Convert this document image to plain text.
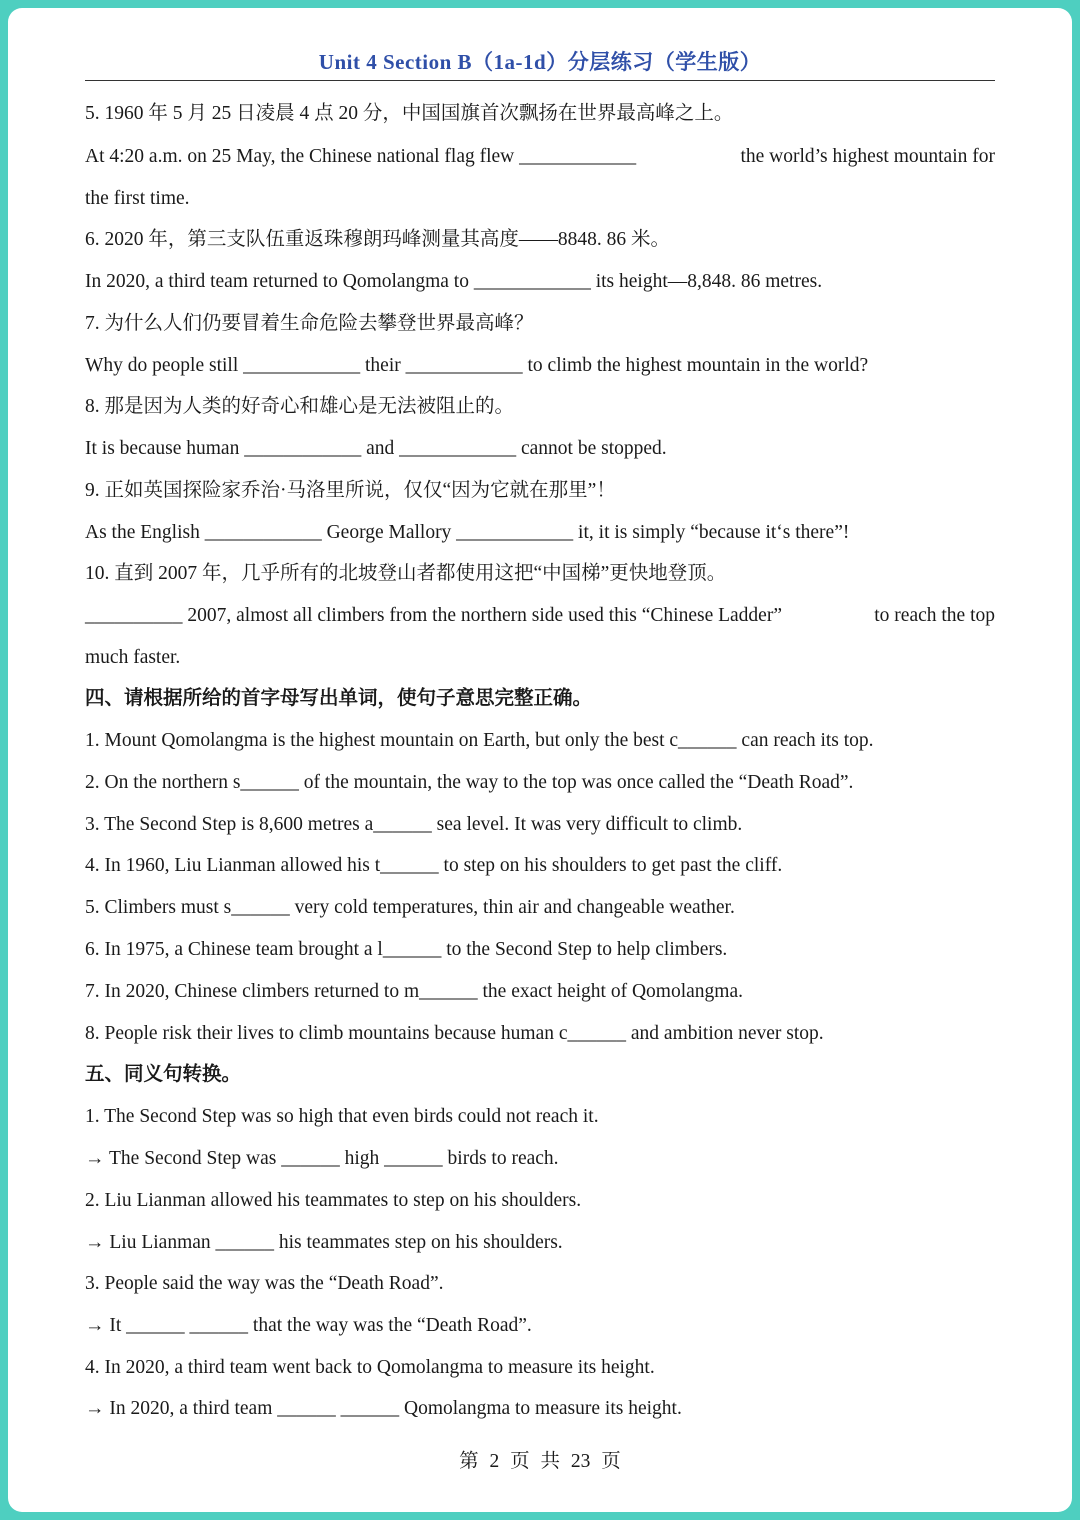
Unit 4 Section B（1a-1d）分层练习（学生版）
5. 1960 年 5 月 25 日凌晨 4 点 20 分，中国国旗首次飘扬在世界最高峰之上。
At 4:20 a.m. on 25 May, the Chinese national flag flew ____________	the world’s highest mountain for
the first time.
6. 2020 年，第三支队伍重返珠穆朗玛峰测量其高度——8848. 86 米。
In 2020, a third team returned to Qomolangma to ____________ its height—8,848. 86 metres.
7. 为什么人们仍要冒着生命危险去攀登世界最高峰？
Why do people still ____________ their ____________ to climb the highest mountain in the world?
8. 那是因为人类的好奇心和雄心是无法被阻止的。
It is because human ____________ and ____________ cannot be stopped.
9. 正如英国探险家乔治·马洛里所说，仅仅“因为它就在那里”！
As the English ____________ George Mallory ____________ it, it is simply “because it‘s there”!
10. 直到 2007 年，几乎所有的北坡登山者都使用这把“中国梯”更快地登顶。
__________ 2007, almost all climbers from the northern side used this “Chinese Ladder”	to reach the top
much faster.
四、请根据所给的首字母写出单词，使句子意思完整正确。
1. Mount Qomolangma is the highest mountain on Earth, but only the best c______ can reach its top.
2. On the northern s______ of the mountain, the way to the top was once called the “Death Road”.
3. The Second Step is 8,600 metres a______ sea level. It was very difficult to climb.
4. In 1960, Liu Lianman allowed his t______ to step on his shoulders to get past the cliff.
5. Climbers must s______ very cold temperatures, thin air and changeable weather.
6. In 1975, a Chinese team brought a l______ to the Second Step to help climbers.
7. In 2020, Chinese climbers returned to m______ the exact height of Qomolangma.
8. People risk their lives to climb mountains because human c______ and ambition never stop.
五、同义句转换。
1. The Second Step was so high that even birds could not reach it.
→ The Second Step was ______ high ______ birds to reach.
2. Liu Lianman allowed his teammates to step on his shoulders.
→ Liu Lianman ______ his teammates step on his shoulders.
3. People said the way was the “Death Road”.
→ It ______ ______ that the way was the “Death Road”.
4. In 2020, a third team went back to Qomolangma to measure its height.
→ In 2020, a third team ______ ______ Qomolangma to measure its height.
第 2 页 共 23 页
